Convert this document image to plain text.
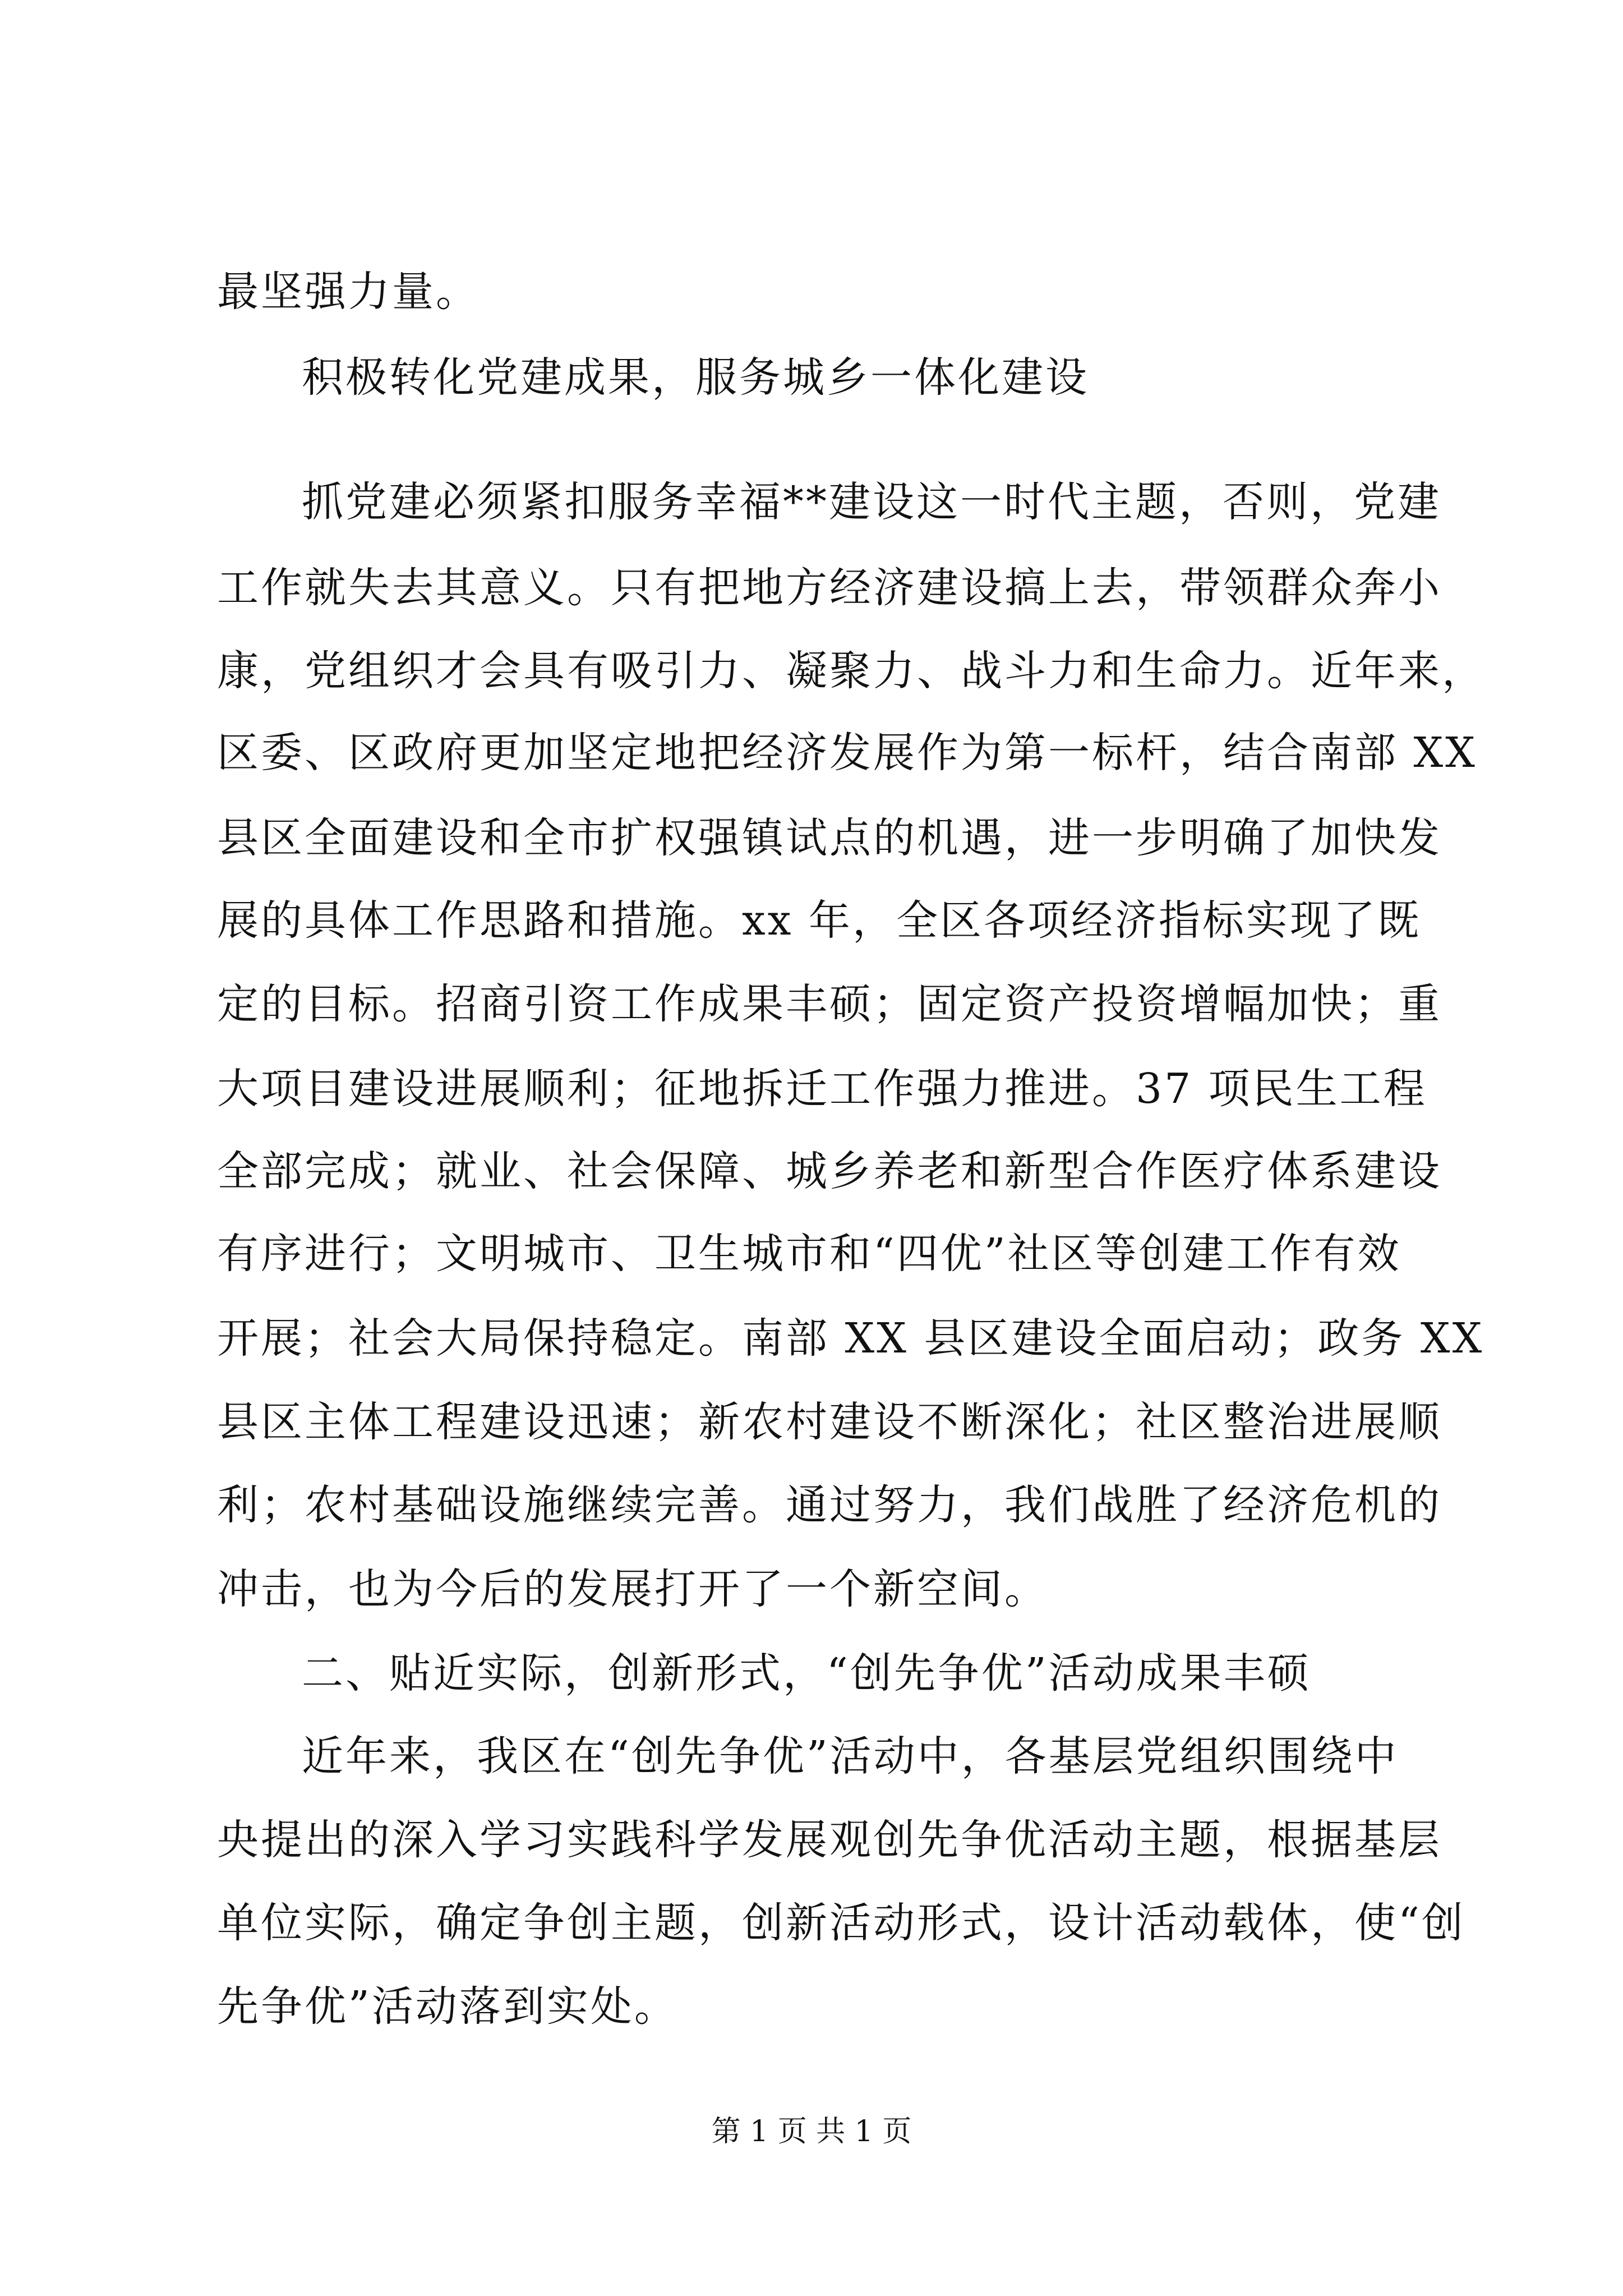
最坚强力量。

积极转化党建成果，服务城乡一体化建设

抓党建必须紧扣服务幸福**建设这一时代主题，否则，党建

工作就失去其意义。只有把地方经济建设搞上去，带领群众奔小

康，党组织才会具有吸引力、凝聚力、战斗力和生命力。近年来，

区委、区政府更加坚定地把经济发展作为第一标杆，结合南部 XX

县区全面建设和全市扩权强镇试点的机遇，进一步明确了加快发

展的具体工作思路和措施。xx 年，全区各项经济指标实现了既

定的目标。招商引资工作成果丰硕；固定资产投资增幅加快；重

大项目建设进展顺利；征地拆迁工作强力推进。37 项民生工程

全部完成；就业、社会保障、城乡养老和新型合作医疗体系建设

有序进行；文明城市、卫生城市和“四优”社区等创建工作有效

开展；社会大局保持稳定。南部 XX 县区建设全面启动；政务 XX

县区主体工程建设迅速；新农村建设不断深化；社区整治进展顺

利；农村基础设施继续完善。通过努力，我们战胜了经济危机的

冲击，也为今后的发展打开了一个新空间。

二、贴近实际，创新形式，“创先争优”活动成果丰硕

近年来，我区在“创先争优”活动中，各基层党组织围绕中

央提出的深入学习实践科学发展观创先争优活动主题，根据基层

单位实际，确定争创主题，创新活动形式，设计活动载体，使“创

先争优”活动落到实处。

第 1 页 共 1 页
